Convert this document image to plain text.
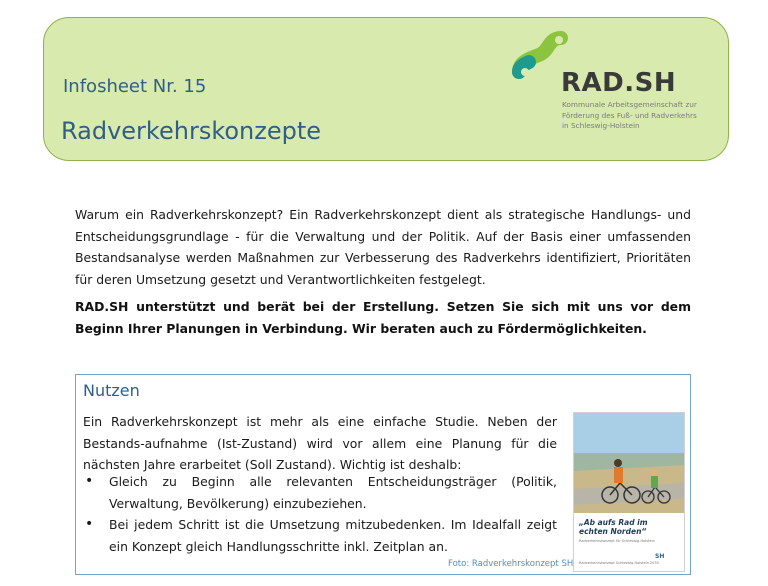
Infosheet Nr. 15
Radverkehrskonzepte
RAD.SH
Kommunale Arbeitsgemeinschaft zur
Förderung des Fuß- und Radverkehrs
in Schleswig-Holstein
Warum ein Radverkehrskonzept? Ein Radverkehrskonzept dient als strategische Handlungs- und Entscheidungsgrundlage - für die Verwaltung und der Politik. Auf der Basis einer umfassenden Bestandsanalyse werden Maßnahmen zur Verbesserung des Radverkehrs identifiziert, Prioritäten für deren Umsetzung gesetzt und Verantwortlichkeiten festgelegt.
RAD.SH unterstützt und berät bei der Erstellung. Setzen Sie sich mit uns vor dem Beginn Ihrer Planungen in Verbindung. Wir beraten auch zu Fördermöglichkeiten.
Nutzen
Ein Radverkehrskonzept ist mehr als eine einfache Studie. Neben der Bestands-aufnahme (Ist-Zustand) wird vor allem eine Planung für die nächsten Jahre erarbeitet (Soll Zustand). Wichtig ist deshalb:
• Gleich zu Beginn alle relevanten Entscheidungsträger (Politik, Verwaltung, Bevölkerung) einzubeziehen.
• Bei jedem Schritt ist die Umsetzung mitzubedenken. Im Idealfall zeigt ein Konzept gleich Handlungsschritte inkl. Zeitplan an.
„Ab aufs Rad im
echten Norden“
Radverkehrskonzept für Schleswig-Holstein
SH
Radverkehrskonzept Schleswig-Holstein 2030
Foto: Radverkehrskonzept SH
